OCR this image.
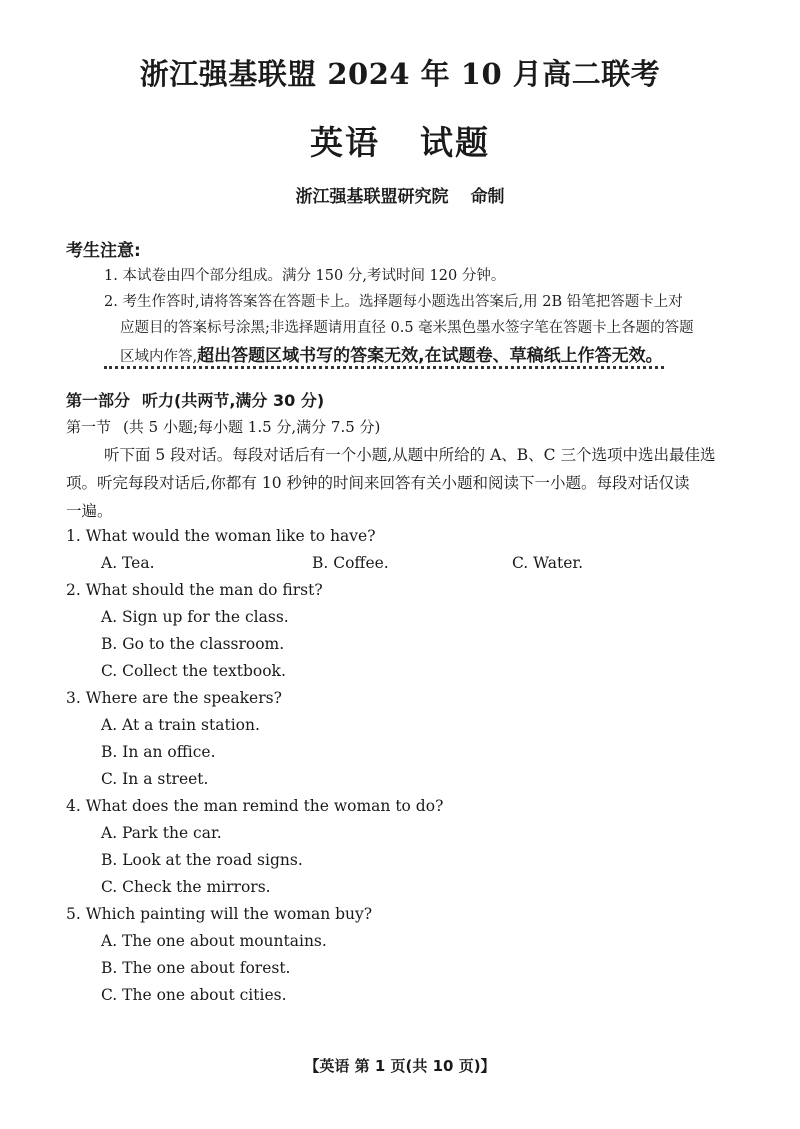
浙江强基联盟 2024 年 10 月高二联考
英语 试题
浙江强基联盟研究院 命制
考生注意:
1. 本试卷由四个部分组成。满分 150 分,考试时间 120 分钟。
2. 考生作答时,请将答案答在答题卡上。选择题每小题选出答案后,用 2B 铅笔把答题卡上对
应题目的答案标号涂黑;非选择题请用直径 0.5 毫米黑色墨水签字笔在答题卡上各题的答题
区域内作答,超出答题区域书写的答案无效,在试题卷、草稿纸上作答无效。
第一部分 听力(共两节,满分 30 分)
第一节 (共 5 小题;每小题 1.5 分,满分 7.5 分)
听下面 5 段对话。每段对话后有一个小题,从题中所给的 A、B、C 三个选项中选出最佳选
项。听完每段对话后,你都有 10 秒钟的时间来回答有关小题和阅读下一小题。每段对话仅读
一遍。
1. What would the woman like to have?
A. Tea.	B. Coffee.	C. Water.
2. What should the man do first?
A. Sign up for the class.
B. Go to the classroom.
C. Collect the textbook.
3. Where are the speakers?
A. At a train station.
B. In an office.
C. In a street.
4. What does the man remind the woman to do?
A. Park the car.
B. Look at the road signs.
C. Check the mirrors.
5. Which painting will the woman buy?
A. The one about mountains.
B. The one about forest.
C. The one about cities.
【英语 第 1 页(共 10 页)】
